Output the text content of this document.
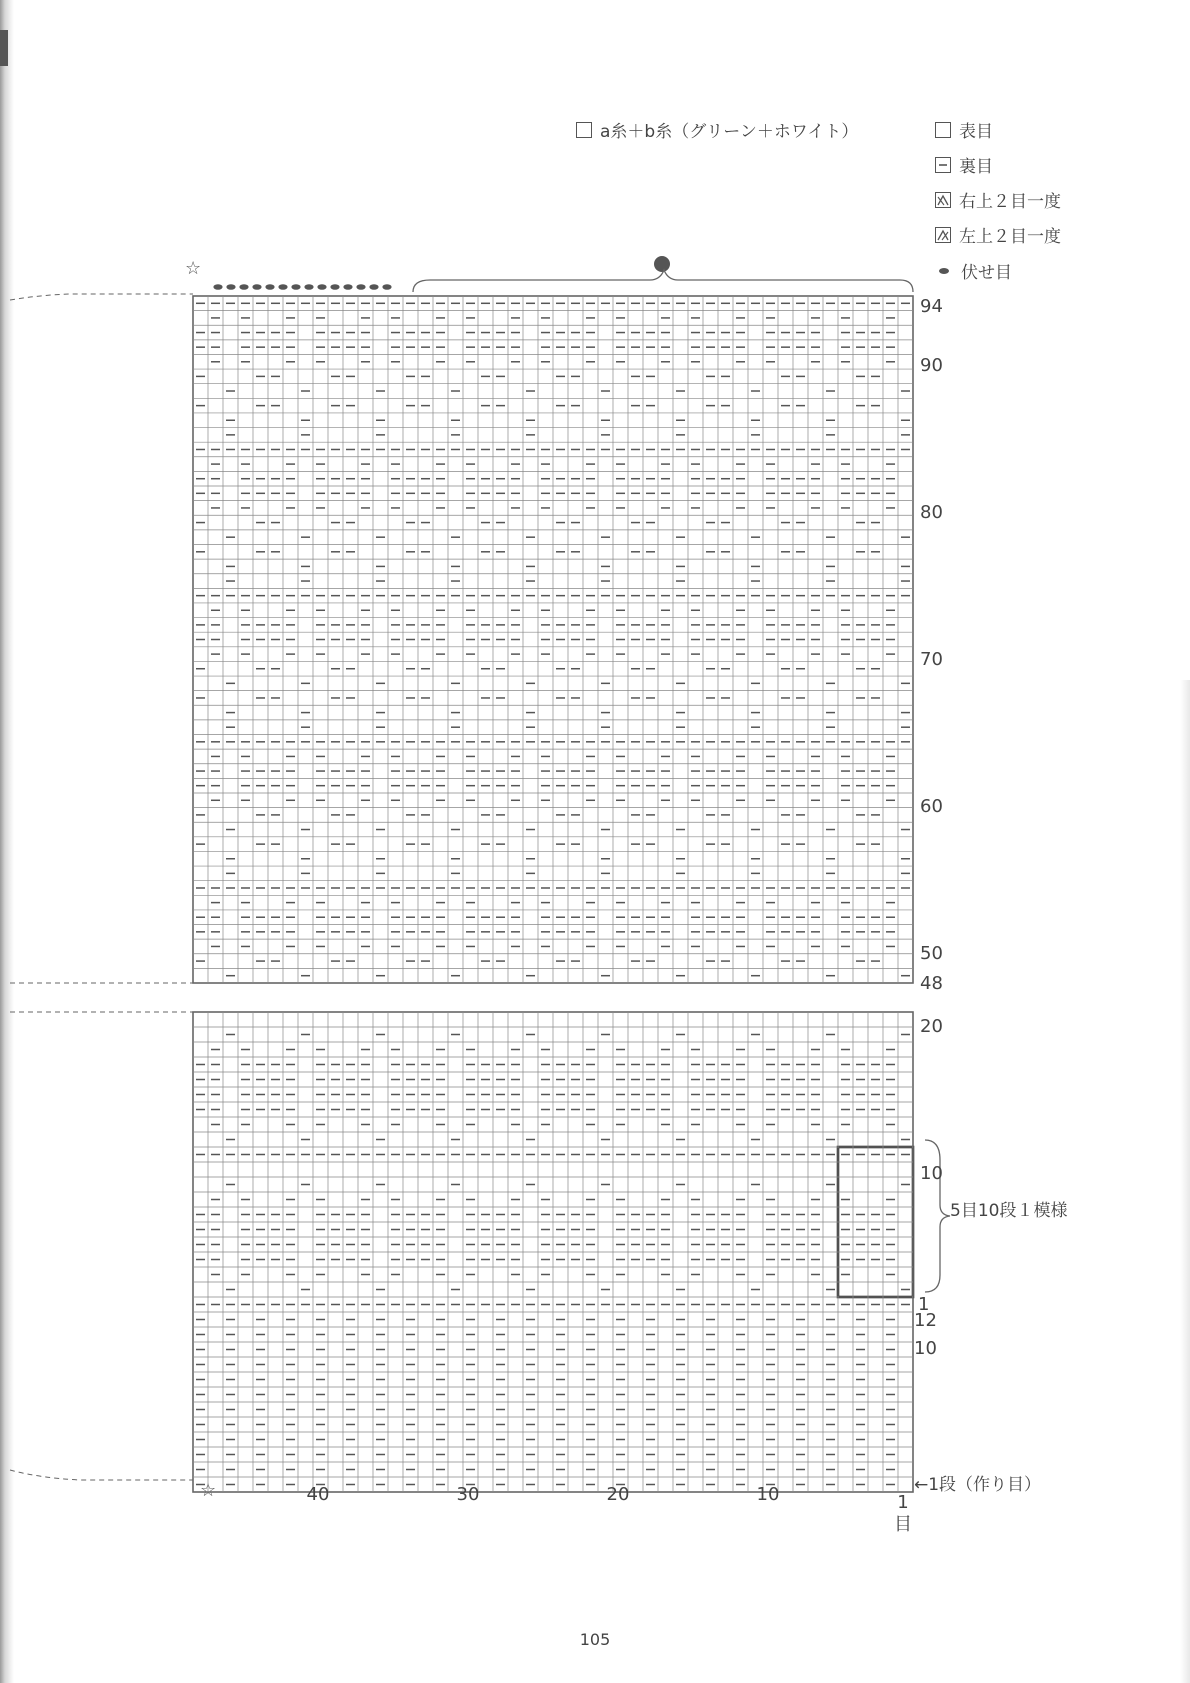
a糸＋b糸（グリーン＋ホワイト）	表目
裏目
右上２目一度
左上２目一度
伏せ目
☆
☆
94
90
80
70
60
50
48
20
10
1
12
10
5目10段１模様
←1段（作り目）
40	30	20	10	1
目
105
